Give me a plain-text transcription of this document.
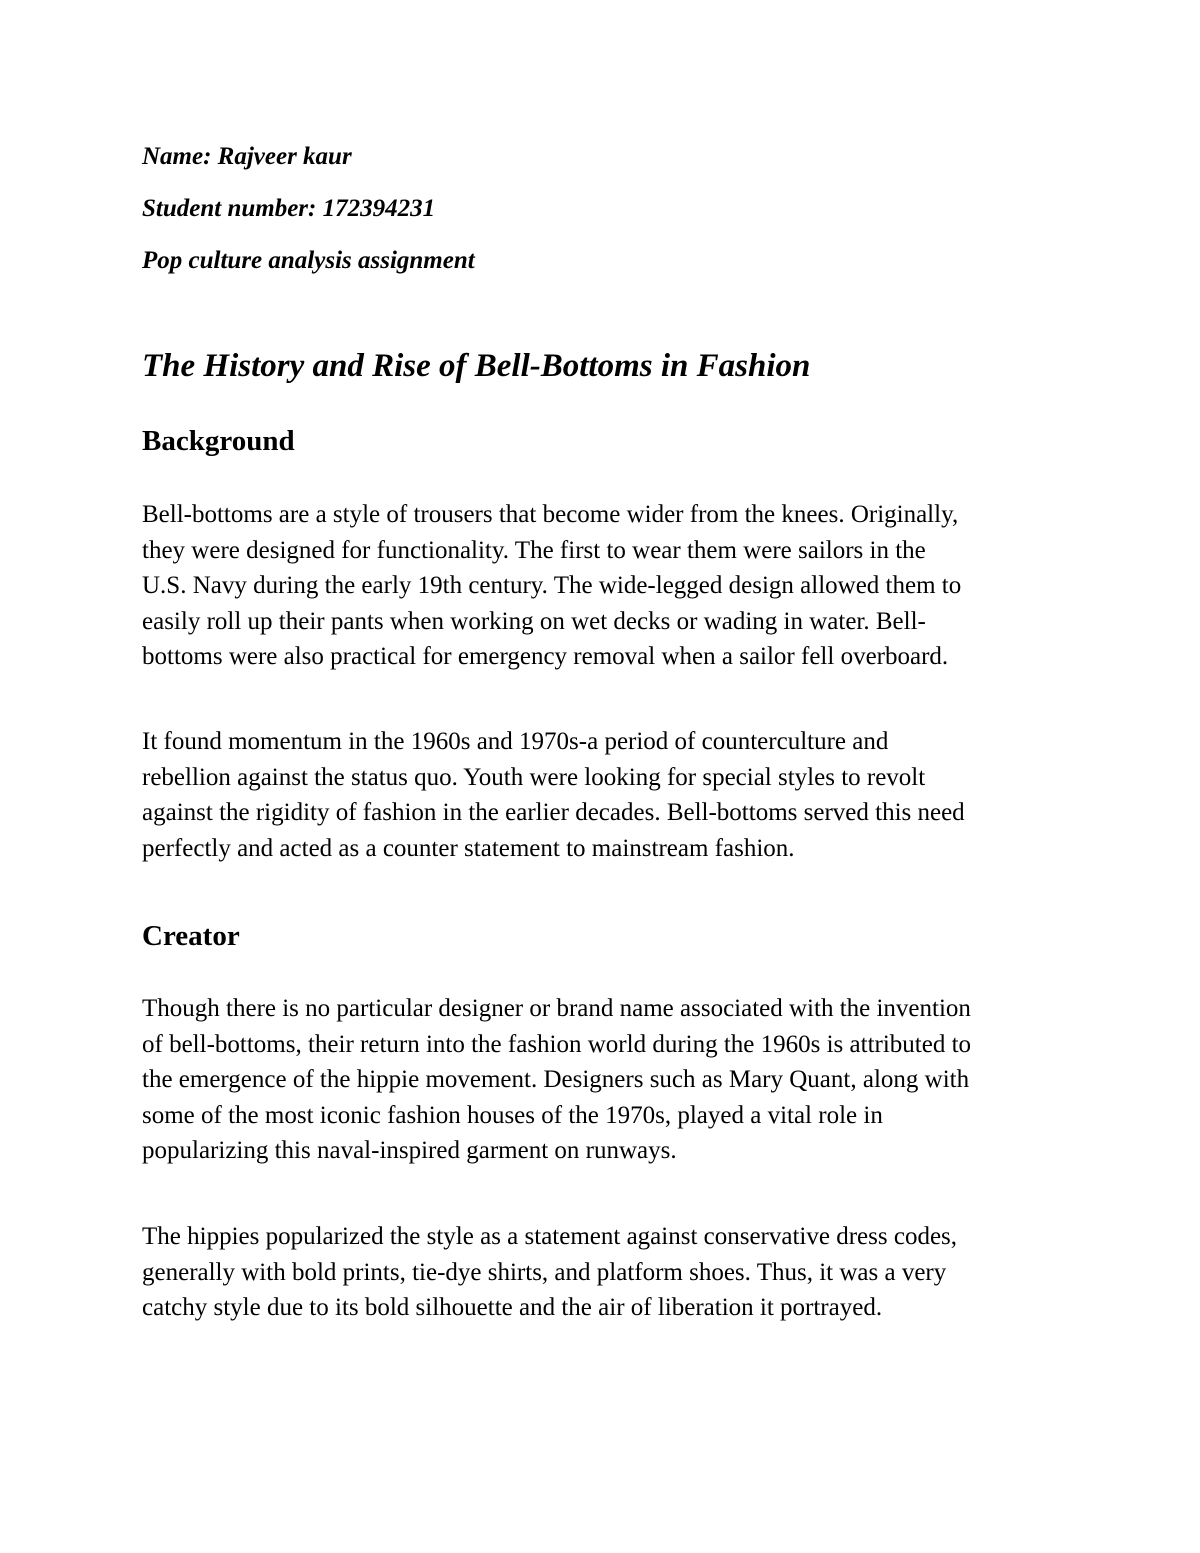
Name: Rajveer kaur
Student number: 172394231
Pop culture analysis assignment
The History and Rise of Bell-Bottoms in Fashion
Background
Bell-bottoms are a style of trousers that become wider from the knees. Originally,
they were designed for functionality. The first to wear them were sailors in the
U.S. Navy during the early 19th century. The wide-legged design allowed them to
easily roll up their pants when working on wet decks or wading in water. Bell-
bottoms were also practical for emergency removal when a sailor fell overboard.
It found momentum in the 1960s and 1970s-a period of counterculture and
rebellion against the status quo. Youth were looking for special styles to revolt
against the rigidity of fashion in the earlier decades. Bell-bottoms served this need
perfectly and acted as a counter statement to mainstream fashion.
Creator
Though there is no particular designer or brand name associated with the invention
of bell-bottoms, their return into the fashion world during the 1960s is attributed to
the emergence of the hippie movement. Designers such as Mary Quant, along with
some of the most iconic fashion houses of the 1970s, played a vital role in
popularizing this naval-inspired garment on runways.
The hippies popularized the style as a statement against conservative dress codes,
generally with bold prints, tie-dye shirts, and platform shoes. Thus, it was a very
catchy style due to its bold silhouette and the air of liberation it portrayed.
